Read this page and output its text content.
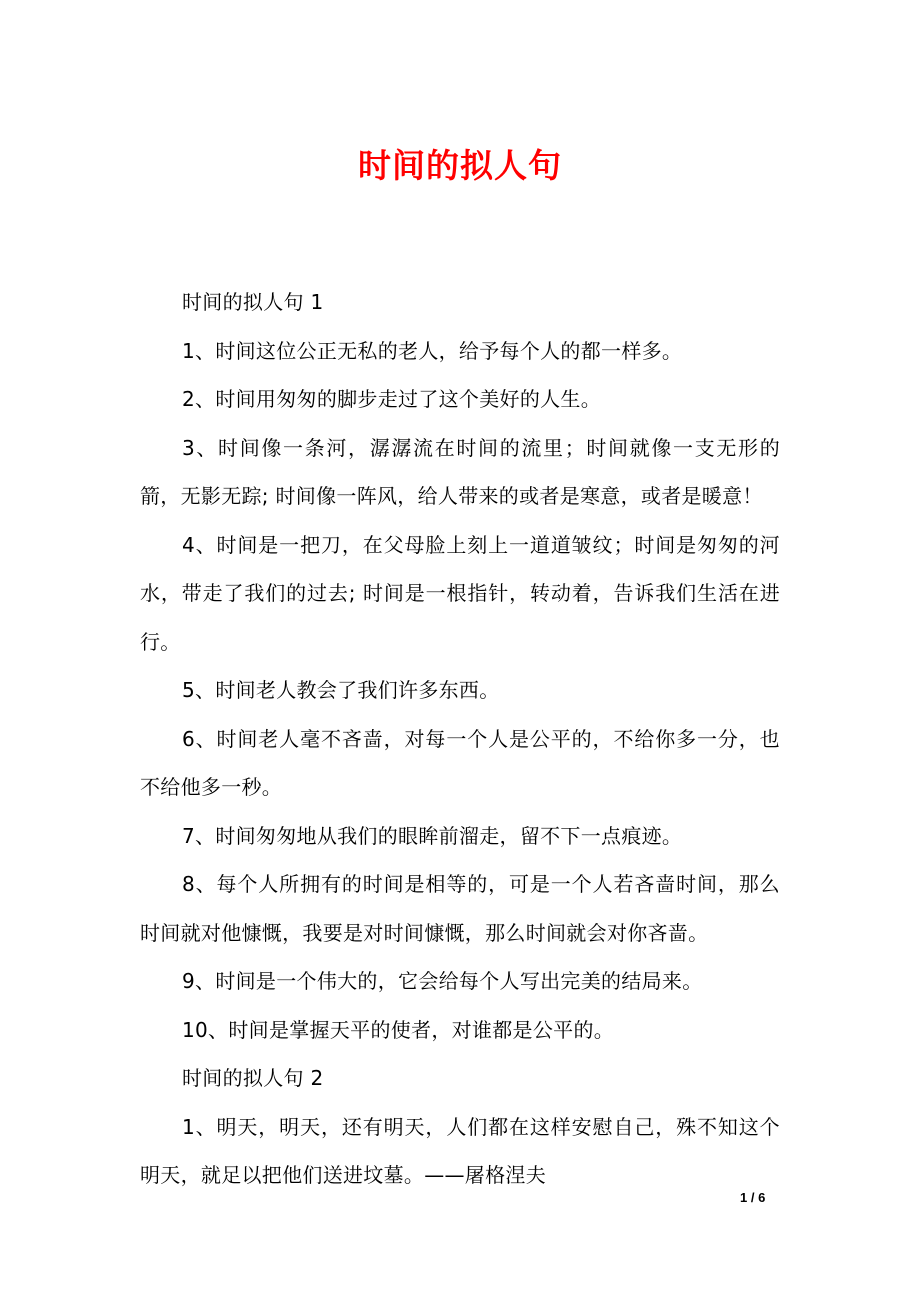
时间的拟人句

时间的拟人句 1

1、时间这位公正无私的老人，给予每个人的都一样多。

2、时间用匆匆的脚步走过了这个美好的人生。

3、时间像一条河，潺潺流在时间的流里；时间就像一支无形的箭，无影无踪; 时间像一阵风，给人带来的或者是寒意，或者是暖意！

4、时间是一把刀，在父母脸上刻上一道道皱纹；时间是匆匆的河水，带走了我们的过去; 时间是一根指针，转动着，告诉我们生活在进行。

5、时间老人教会了我们许多东西。

6、时间老人毫不吝啬，对每一个人是公平的，不给你多一分，也不给他多一秒。

7、时间匆匆地从我们的眼眸前溜走，留不下一点痕迹。

8、每个人所拥有的时间是相等的，可是一个人若吝啬时间，那么时间就对他慷慨，我要是对时间慷慨，那么时间就会对你吝啬。

9、时间是一个伟大的，它会给每个人写出完美的结局来。

10、时间是掌握天平的使者，对谁都是公平的。

时间的拟人句 2

1、明天，明天，还有明天，人们都在这样安慰自己，殊不知这个明天，就足以把他们送进坟墓。——屠格涅夫

1 / 6
